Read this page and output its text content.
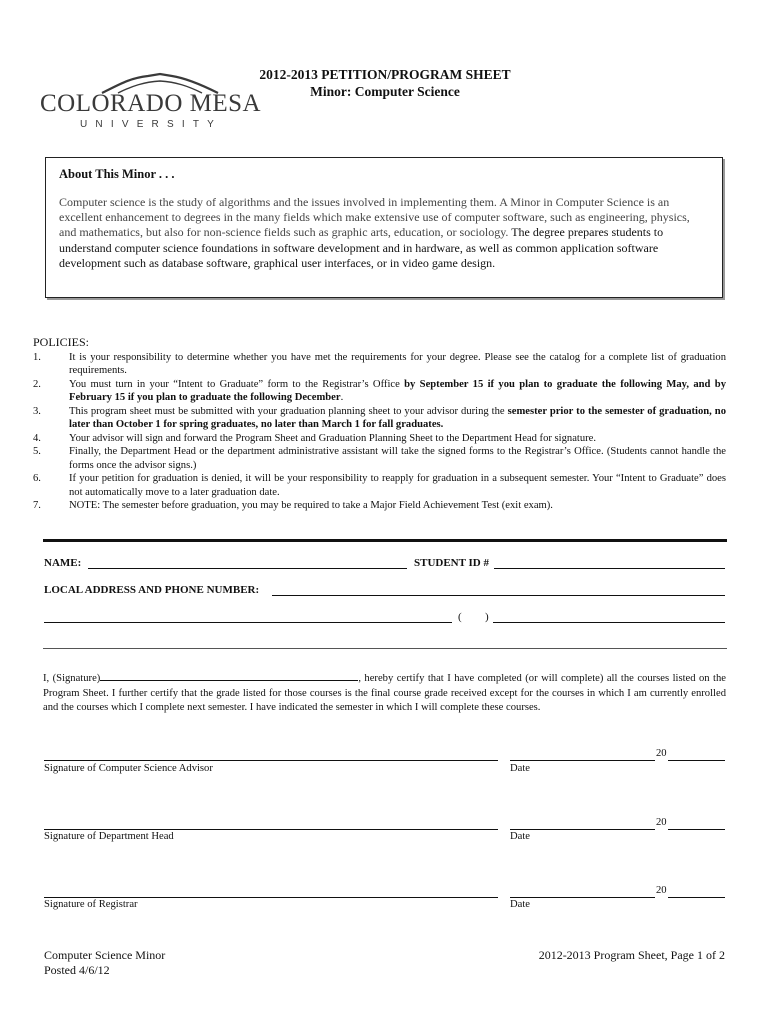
COLORADO MESA
UNIVERSITY
2012-2013 PETITION/PROGRAM SHEET
Minor: Computer Science
About This Minor . . .

Computer science is the study of algorithms and the issues involved in implementing them. A Minor in Computer Science is an excellent enhancement to degrees in the many fields which make extensive use of computer software, such as engineering, physics, and mathematics, but also for non-science fields such as graphic arts, education, or sociology. The degree prepares students to understand computer science foundations in software development and in hardware, as well as common application software development such as database software, graphical user interfaces, or in video game design.

POLICIES:
1.	It is your responsibility to determine whether you have met the requirements for your degree. Please see the catalog for a complete list of graduation requirements.
2.	You must turn in your “Intent to Graduate” form to the Registrar’s Office by September 15 if you plan to graduate the following May, and by February 15 if you plan to graduate the following December.
3.	This program sheet must be submitted with your graduation planning sheet to your advisor during the semester prior to the semester of graduation, no later than October 1 for spring graduates, no later than March 1 for fall graduates.
4.	Your advisor will sign and forward the Program Sheet and Graduation Planning Sheet to the Department Head for signature.
5.	Finally, the Department Head or the department administrative assistant will take the signed forms to the Registrar’s Office. (Students cannot handle the forms once the advisor signs.)
6.	If your petition for graduation is denied, it will be your responsibility to reapply for graduation in a subsequent semester. Your “Intent to Graduate” does not automatically move to a later graduation date.
7.	NOTE: The semester before graduation, you may be required to take a Major Field Achievement Test (exit exam).
NAME:	STUDENT ID #
LOCAL ADDRESS AND PHONE NUMBER:
( )
I, (Signature)	, hereby certify that I have completed (or will complete) all the courses listed on the Program Sheet. I further certify that the grade listed for those courses is the final course grade received except for the courses in which I am currently enrolled and the courses which I complete next semester. I have indicated the semester in which I will complete these courses.
Signature of Computer Science Advisor
20
Date
Signature of Department Head
20
Date
Signature of Registrar
20
Date
Computer Science Minor
Posted 4/6/12
2012-2013 Program Sheet, Page 1 of 2
